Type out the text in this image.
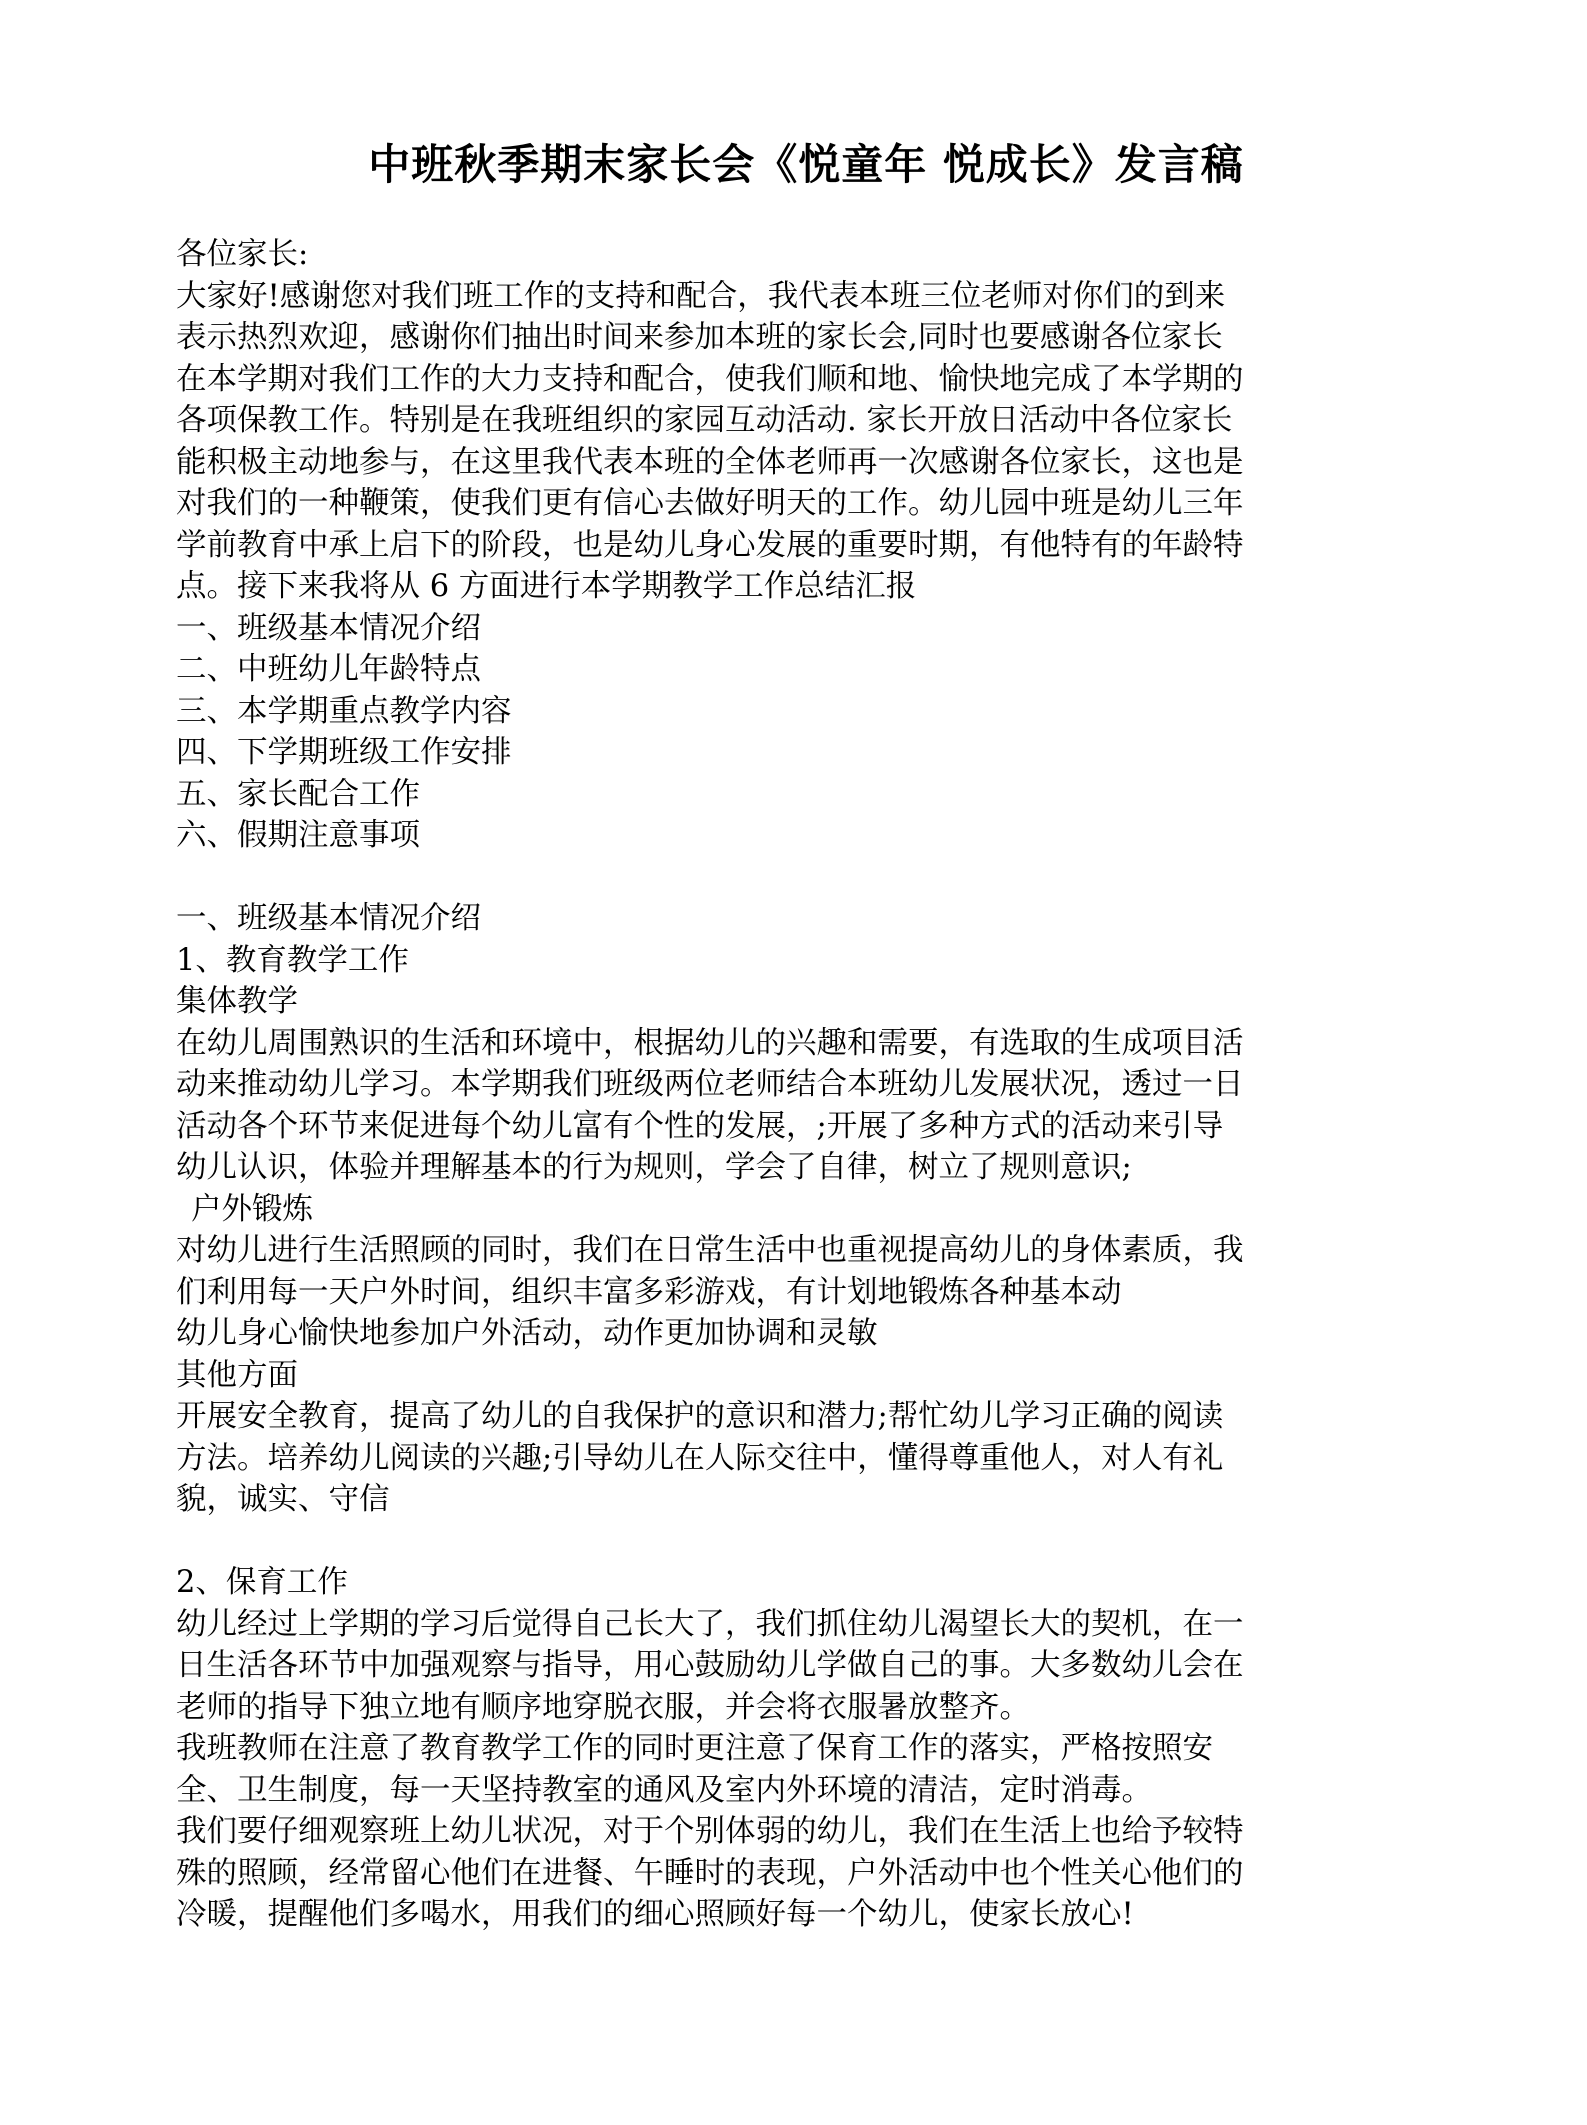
中班秋季期末家长会《悦童年 悦成长》发言稿

各位家长:

大家好!感谢您对我们班工作的支持和配合，我代表本班三位老师对你们的到来

表示热烈欢迎，感谢你们抽出时间来参加本班的家长会,同时也要感谢各位家长

在本学期对我们工作的大力支持和配合，使我们顺和地、愉快地完成了本学期的

各项保教工作。特别是在我班组织的家园互动活动. 家长开放日活动中各位家长

能积极主动地参与，在这里我代表本班的全体老师再一次感谢各位家长，这也是

对我们的一种鞭策，使我们更有信心去做好明天的工作。幼儿园中班是幼儿三年

学前教育中承上启下的阶段，也是幼儿身心发展的重要时期，有他特有的年龄特

点。接下来我将从 6 方面进行本学期教学工作总结汇报

一、班级基本情况介绍

二、中班幼儿年龄特点

三、本学期重点教学内容

四、下学期班级工作安排

五、家长配合工作

六、假期注意事项

一、班级基本情况介绍

1、教育教学工作

集体教学

在幼儿周围熟识的生活和环境中，根据幼儿的兴趣和需要，有选取的生成项目活

动来推动幼儿学习。本学期我们班级两位老师结合本班幼儿发展状况，透过一日

活动各个环节来促进每个幼儿富有个性的发展，;开展了多种方式的活动来引导

幼儿认识，体验并理解基本的行为规则，学会了自律，树立了规则意识;

户外锻炼

对幼儿进行生活照顾的同时，我们在日常生活中也重视提高幼儿的身体素质，我

们利用每一天户外时间，组织丰富多彩游戏，有计划地锻炼各种基本动

幼儿身心愉快地参加户外活动，动作更加协调和灵敏

其他方面

开展安全教育，提高了幼儿的自我保护的意识和潜力;帮忙幼儿学习正确的阅读

方法。培养幼儿阅读的兴趣;引导幼儿在人际交往中，懂得尊重他人，对人有礼

貌，诚实、守信

2、保育工作

幼儿经过上学期的学习后觉得自己长大了，我们抓住幼儿渴望长大的契机，在一

日生活各环节中加强观察与指导，用心鼓励幼儿学做自己的事。大多数幼儿会在

老师的指导下独立地有顺序地穿脱衣服，并会将衣服暑放整齐。

我班教师在注意了教育教学工作的同时更注意了保育工作的落实，严格按照安

全、卫生制度，每一天坚持教室的通风及室内外环境的清洁，定时消毒。

我们要仔细观察班上幼儿状况，对于个别体弱的幼儿，我们在生活上也给予较特

殊的照顾，经常留心他们在进餐、午睡时的表现，户外活动中也个性关心他们的

冷暖，提醒他们多喝水，用我们的细心照顾好每一个幼儿，使家长放心!
